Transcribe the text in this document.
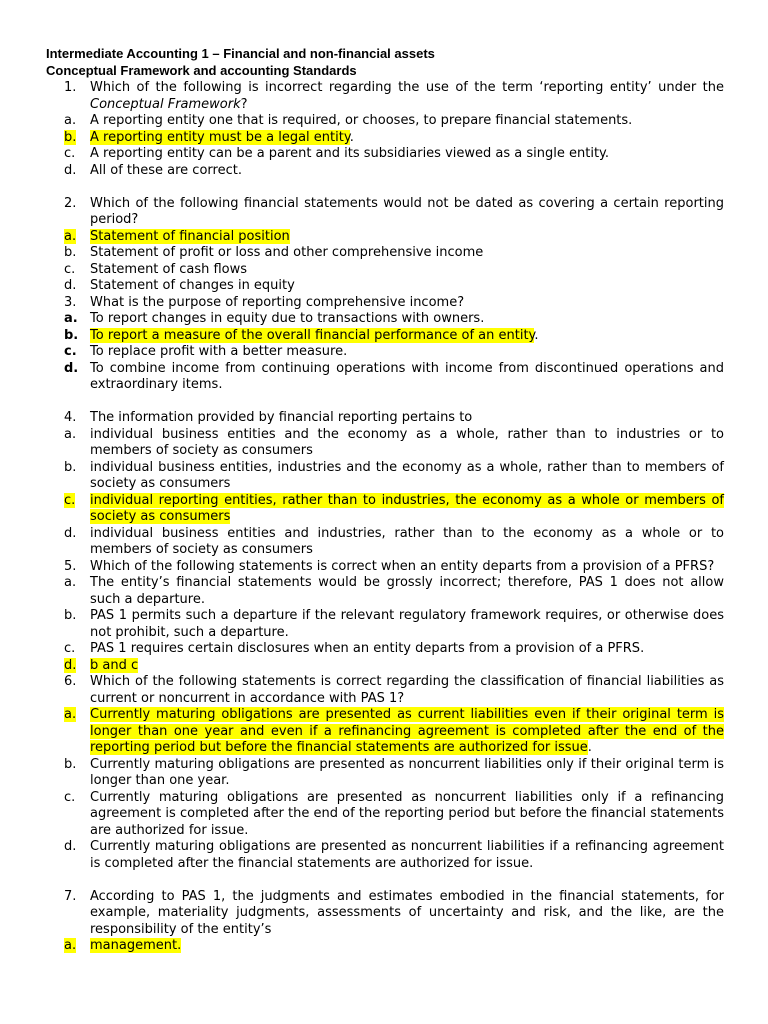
Intermediate Accounting 1 – Financial and non-financial assets
Conceptual Framework and accounting Standards
1.	Which of the following is incorrect regarding the use of the term ‘reporting entity’ under the Conceptual Framework?
a.	A reporting entity one that is required, or chooses, to prepare financial statements.
b.	A reporting entity must be a legal entity.
c.	A reporting entity can be a parent and its subsidiaries viewed as a single entity.
d.	All of these are correct.
2.	Which of the following financial statements would not be dated as covering a certain reporting period?
a.	Statement of financial position
b.	Statement of profit or loss and other comprehensive income
c.	Statement of cash flows
d.	Statement of changes in equity
3.	What is the purpose of reporting comprehensive income?
a. To report changes in equity due to transactions with owners.
b. To report a measure of the overall financial performance of an entity.
c.	To replace profit with a better measure.
d. To combine income from continuing operations with income from discontinued operations and extraordinary items.
4.	The information provided by financial reporting pertains to
a.	individual business entities and the economy as a whole, rather than to industries or to members of society as consumers
b.	individual business entities, industries and the economy as a whole, rather than to members of society as consumers
c.	individual reporting entities, rather than to industries, the economy as a whole or members of society as consumers
d.	individual business entities and industries, rather than to the economy as a whole or to members of society as consumers
5.	Which of the following statements is correct when an entity departs from a provision of a PFRS?
a.	The entity’s financial statements would be grossly incorrect; therefore, PAS 1 does not allow such a departure.
b.	PAS 1 permits such a departure if the relevant regulatory framework requires, or otherwise does not prohibit, such a departure.
c.	PAS 1 requires certain disclosures when an entity departs from a provision of a PFRS.
d.	b and c
6.	Which of the following statements is correct regarding the classification of financial liabilities as current or noncurrent in accordance with PAS 1?
a.	Currently maturing obligations are presented as current liabilities even if their original term is longer than one year and even if a refinancing agreement is completed after the end of the reporting period but before the financial statements are authorized for issue.
b.	Currently maturing obligations are presented as noncurrent liabilities only if their original term is longer than one year.
c.	Currently maturing obligations are presented as noncurrent liabilities only if a refinancing agreement is completed after the end of the reporting period but before the financial statements are authorized for issue.
d.	Currently maturing obligations are presented as noncurrent liabilities if a refinancing agreement is completed after the financial statements are authorized for issue.
7.	According to PAS 1, the judgments and estimates embodied in the financial statements, for example, materiality judgments, assessments of uncertainty and risk, and the like, are the responsibility of the entity’s
a.	management.
